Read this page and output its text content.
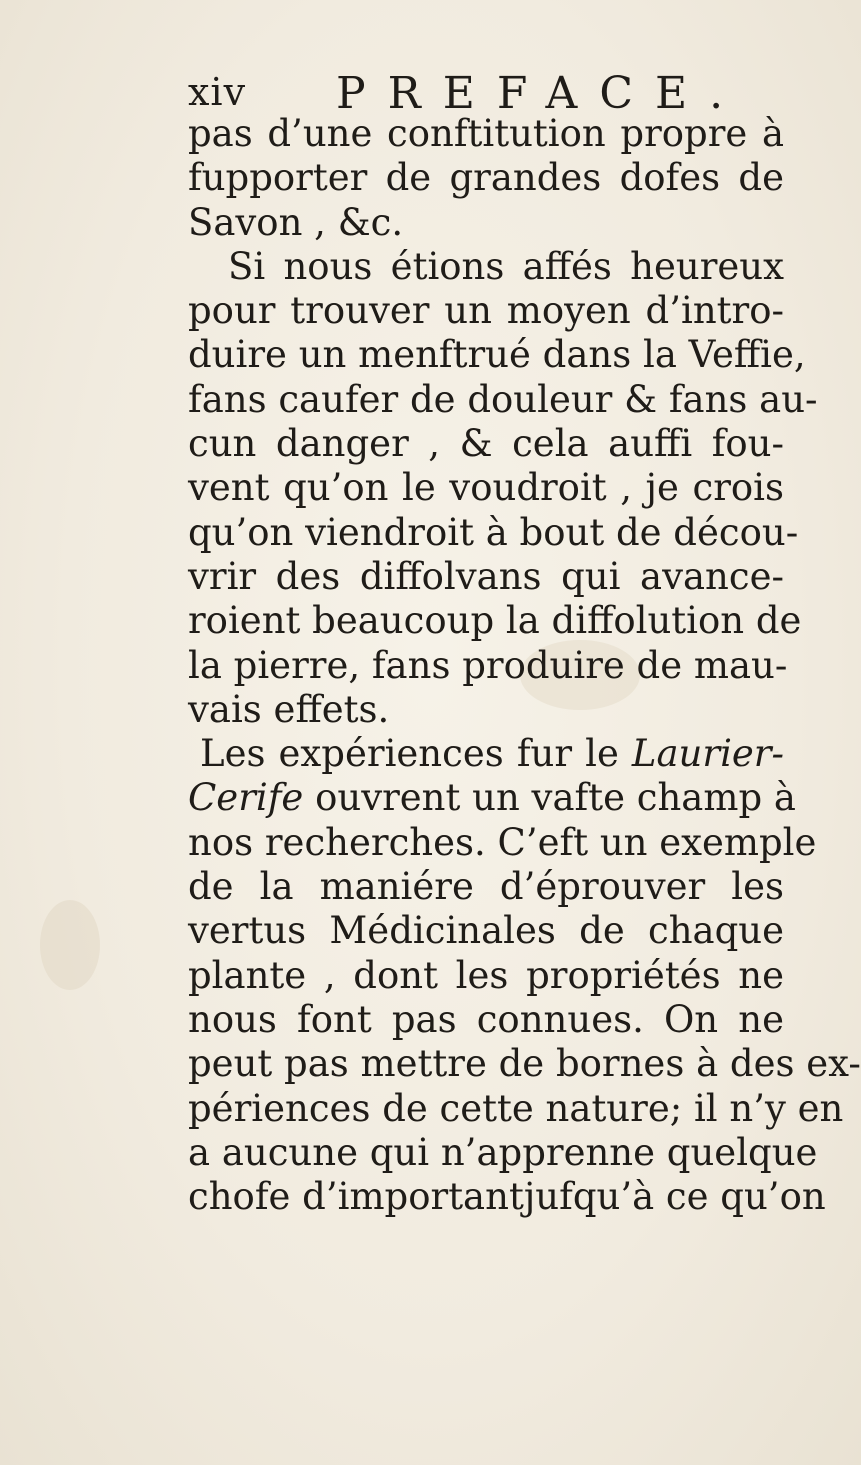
xiv PREFACE.
pas d’une conftitution propre à
fupporter de grandes dofes de
Savon , &c.
Si nous étions affés heureux
pour trouver un moyen d’intro-
duire un menftrué dans la Veffie,
fans caufer de douleur & fans au-
cun danger , & cela auffi fou-
vent qu’on le voudroit , je crois
qu’on viendroit à bout de décou-
vrir des diffolvans qui avance-
roient beaucoup la diffolution de
la pierre, fans produire de mau-
vais effets.
Les expériences fur le Laurier-
Cerife ouvrent un vafte champ à
nos recherches. C’eft un exemple
de la maniére d’éprouver les
vertus Médicinales de chaque
plante , dont les propriétés ne
nous font pas connues. On ne
peut pas mettre de bornes à des ex-
périences de cette nature; il n’y en
a aucune qui n’apprenne quelque
chofe d’importantjufqu’à ce qu’on
